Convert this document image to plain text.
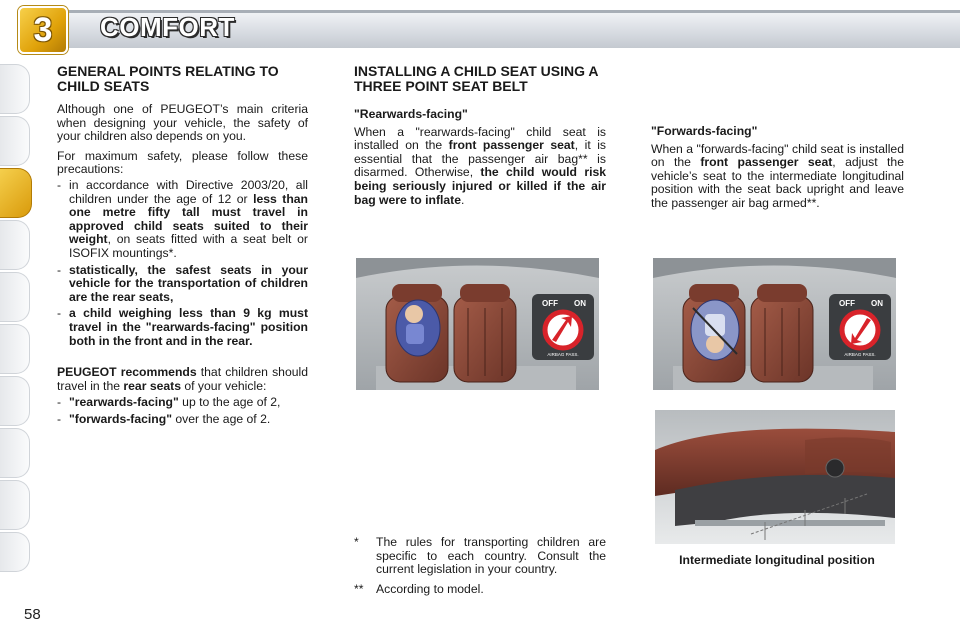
3 COMFORT
GENERAL POINTS RELATING TO CHILD SEATS

Although one of PEUGEOT’s main criteria when designing your vehicle, the safety of your children also depends on you.

For maximum safety, please follow these precautions:

- in accordance with Directive 2003/20, all children under the age of 12 or less than one metre fifty tall must travel in approved child seats suited to their weight, on seats fitted with a seat belt or ISOFIX mountings*.
- statistically, the safest seats in your vehicle for the transportation of children are the rear seats,
- a child weighing less than 9 kg must travel in the "rearwards-facing" position both in the front and in the rear.

PEUGEOT recommends that children should travel in the rear seats of your vehicle:

- "rearwards-facing" up to the age of 2,
- "forwards-facing" over the age of 2.
INSTALLING A CHILD SEAT USING A THREE POINT SEAT BELT
"Rearwards-facing"

When a "rearwards-facing" child seat is installed on the front passenger seat, it is essential that the passenger air bag** is disarmed. Otherwise, the child would risk being seriously injured or killed if the air bag were to inflate.

"Forwards-facing"

When a "forwards-facing" child seat is installed on the front passenger seat, adjust the vehicle’s seat to the intermediate longitudinal position with the seat back upright and leave the passenger air bag armed**.

OFF ON
AIRBAG PASS.
OFF ON
AIRBAG PASS.
* The rules for transporting children are specific to each country. Consult the current legislation in your country.
** According to model.
Intermediate longitudinal position
58
